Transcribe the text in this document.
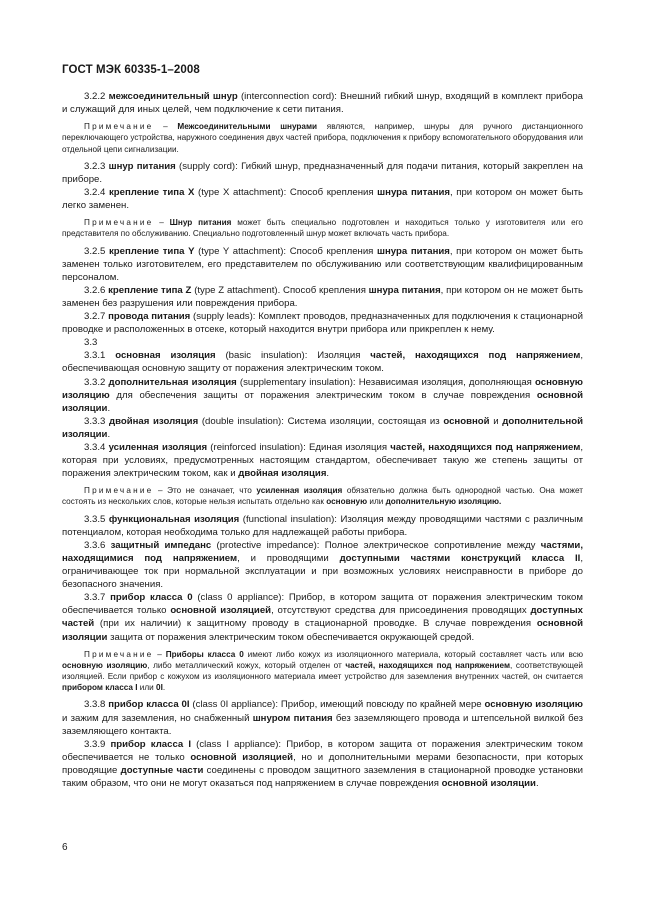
ГОСТ МЭК 60335-1–2008

3.2.2 межсоединительный шнур (interconnection cord): Внешний гибкий шнур, входящий в комплект прибора и служащий для иных целей, чем подключение к сети питания.

Примечание – Межсоединительными шнурами являются, например, шнуры для ручного дистанционного переключающего устройства, наружного соединения двух частей прибора, подключения к прибору вспомогательного оборудования или отдельной цепи сигнализации.

3.2.3 шнур питания (supply cord): Гибкий шнур, предназначенный для подачи питания, который закреплен на приборе.

3.2.4 крепление типа X (type X attachment): Способ крепления шнура питания, при котором он может быть легко заменен.

Примечание – Шнур питания может быть специально подготовлен и находиться только у изготовителя или его представителя по обслуживанию. Специально подготовленный шнур может включать часть прибора.

3.2.5 крепление типа Y (type Y attachment): Способ крепления шнура питания, при котором он может быть заменен только изготовителем, его представителем по обслуживанию или соответствующим квалифицированным персоналом.

3.2.6 крепление типа Z (type Z attachment). Способ крепления шнура питания, при котором он не может быть заменен без разрушения или повреждения прибора.

3.2.7 провода питания (supply leads): Комплект проводов, предназначенных для подключения к стационарной проводке и расположенных в отсеке, который находится внутри прибора или прикреплен к нему.

3.3

3.3.1 основная изоляция (basic insulation): Изоляция частей, находящихся под напряжением, обеспечивающая основную защиту от поражения электрическим током.

3.3.2 дополнительная изоляция (supplementary insulation): Независимая изоляция, дополняющая основную изоляцию для обеспечения защиты от поражения электрическим током в случае повреждения основной изоляции.

3.3.3 двойная изоляция (double insulation): Система изоляции, состоящая из основной и дополнительной изоляции.

3.3.4 усиленная изоляция (reinforced insulation): Единая изоляция частей, находящихся под напряжением, которая при условиях, предусмотренных настоящим стандартом, обеспечивает такую же степень защиты от поражения электрическим током, как и двойная изоляция.

Примечание – Это не означает, что усиленная изоляция обязательно должна быть однородной частью. Она может состоять из нескольких слов, которые нельзя испытать отдельно как основную или дополнительную изоляцию.

3.3.5 функциональная изоляция (functional insulation): Изоляция между проводящими частями с различным потенциалом, которая необходима только для надлежащей работы прибора.

3.3.6 защитный импеданс (protective impedance): Полное электрическое сопротивление между частями, находящимися под напряжением, и проводящими доступными частями конструкций класса II, ограничивающее ток при нормальной эксплуатации и при возможных условиях неисправности в приборе до безопасного значения.

3.3.7 прибор класса 0 (class 0 appliance): Прибор, в котором защита от поражения электрическим током обеспечивается только основной изоляцией, отсутствуют средства для присоединения проводящих доступных частей (при их наличии) к защитному проводу в стационарной проводке. В случае повреждения основной изоляции защита от поражения электрическим током обеспечивается окружающей средой.

Примечание – Приборы класса 0 имеют либо кожух из изоляционного материала, который составляет часть или всю основную изоляцию, либо металлический кожух, который отделен от частей, находящихся под напряжением, соответствующей изоляцией. Если прибор с кожухом из изоляционного материала имеет устройство для заземления внутренних частей, он считается прибором класса I или 0I.

3.3.8 прибор класса 0I (class 0I appliance): Прибор, имеющий повсюду по крайней мере основную изоляцию и зажим для заземления, но снабженный шнуром питания без заземляющего провода и штепсельной вилкой без заземляющего контакта.

3.3.9 прибор класса I (class I appliance): Прибор, в котором защита от поражения электрическим током обеспечивается не только основной изоляцией, но и дополнительными мерами безопасности, при которых проводящие доступные части соединены с проводом защитного заземления в стационарной проводке установки таким образом, что они не могут оказаться под напряжением в случае повреждения основной изоляции.

6
